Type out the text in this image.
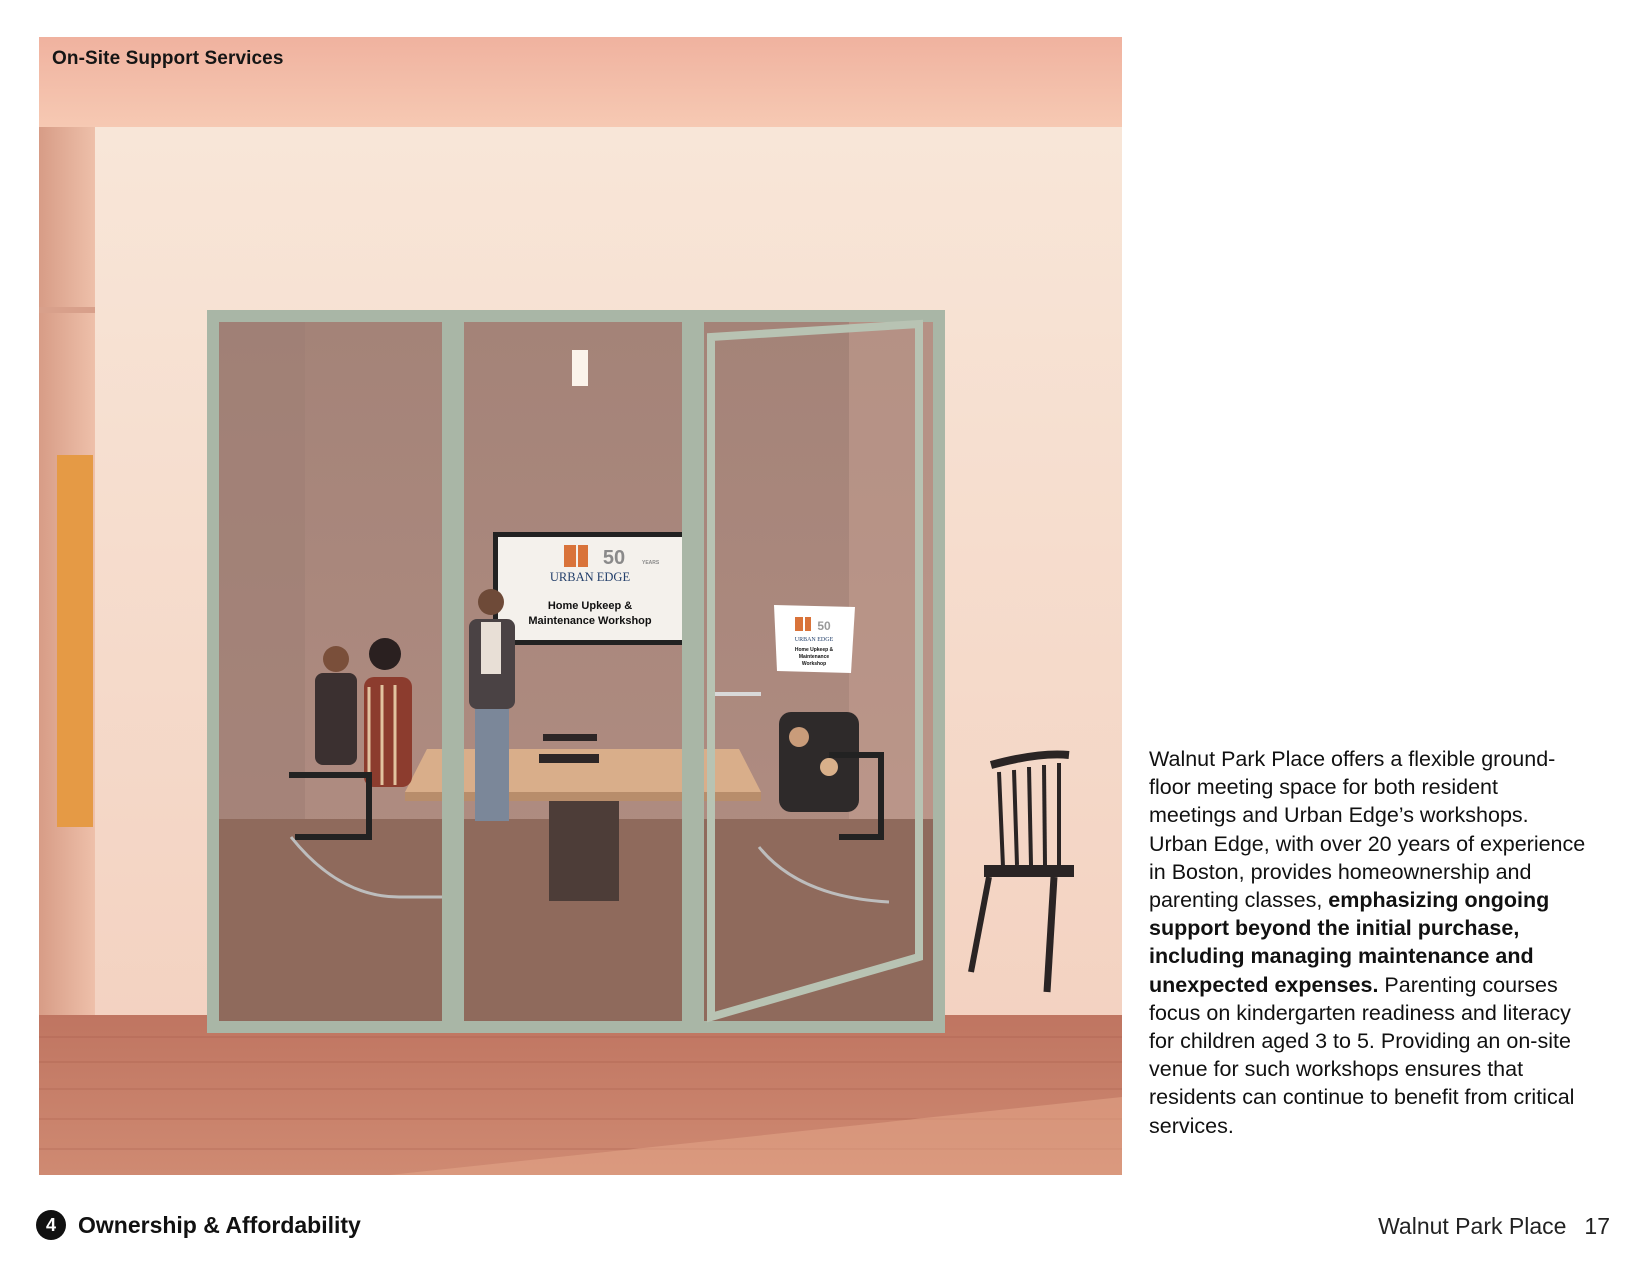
50	YEARS
URBAN EDGE
Home Upkeep &
Maintenance Workshop	50
URBAN EDGE
Home Upkeep &
Maintenance
Workshop
On-Site Support Services
Walnut Park Place offers a flexible ground-floor meeting space for both resident meetings and Urban Edge’s workshops. Urban Edge, with over 20 years of experience in Boston, provides homeownership and parenting classes, emphasizing ongoing support beyond the initial purchase, including managing maintenance and unexpected expenses. Parenting courses focus on kindergarten readiness and literacy for children aged 3 to 5. Providing an on-site venue for such workshops ensures that residents can continue to benefit from critical services.
4 Ownership & Affordability	Walnut Park Place 17
